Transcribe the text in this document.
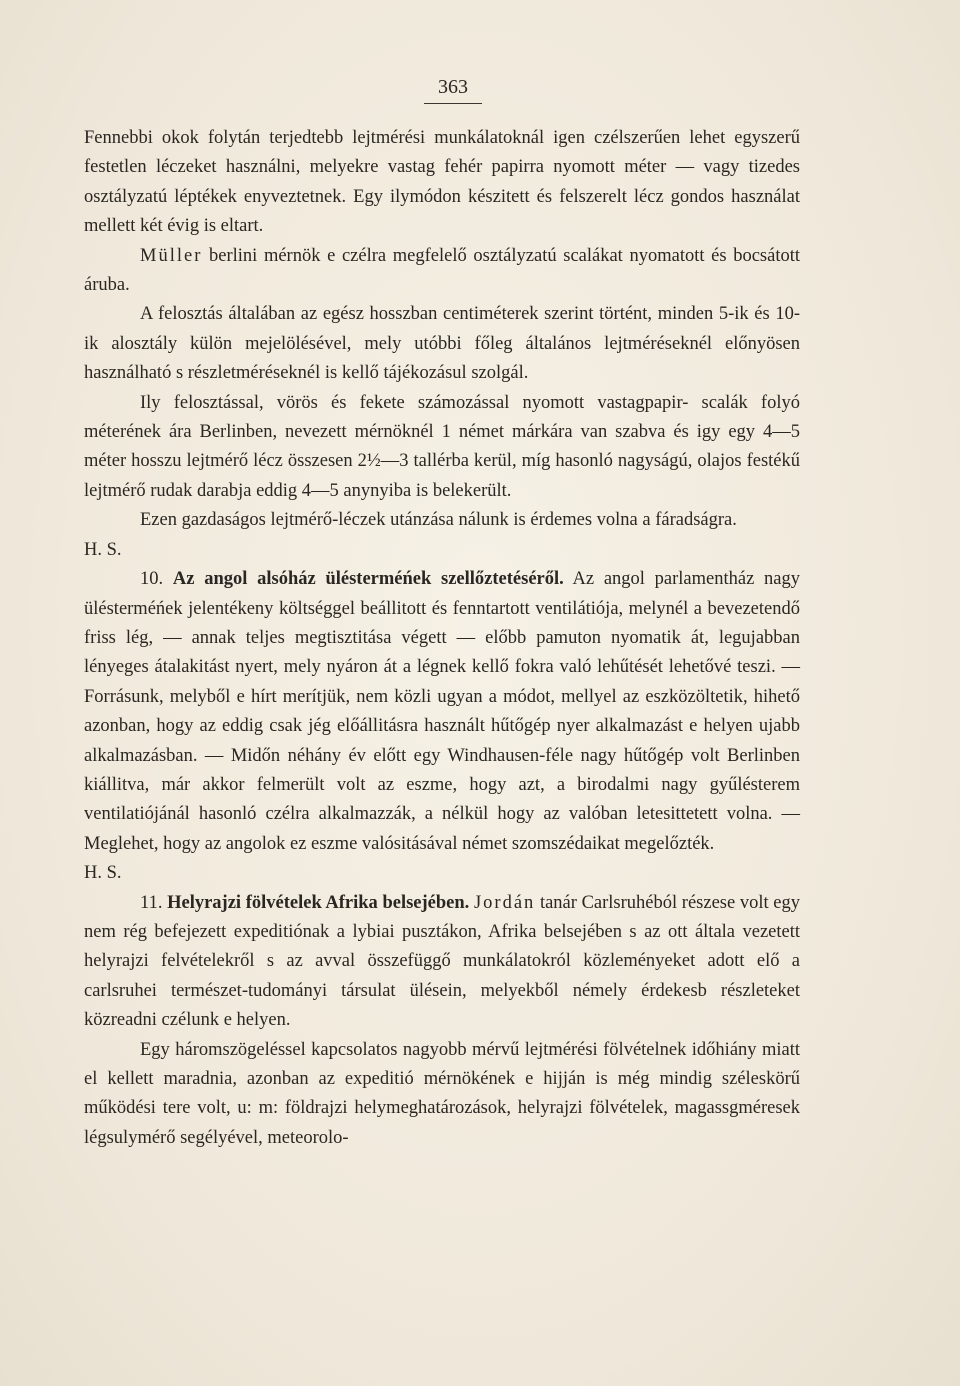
363

Fennebbi okok folytán terjedtebb lejtmérési munkálatoknál igen czélszerűen lehet egyszerű festetlen léczeket használni, melyekre vastag fehér papirra nyomott méter — vagy tizedes osztályzatú léptékek enyveztetnek. Egy ilymódon készitett és felszerelt lécz gondos használat mellett két évig is eltart.

Müller berlini mérnök e czélra megfelelő osztályzatú scalákat nyomatott és bocsátott áruba.

A felosztás általában az egész hosszban centiméterek szerint történt, minden 5-ik és 10-ik alosztály külön mejelölésével, mely utóbbi főleg általános lejtméréseknél előnyösen használható s részletméréseknél is kellő tájékozásul szolgál.

Ily felosztással, vörös és fekete számozással nyomott vastagpapir- scalák folyó méterének ára Berlinben, nevezett mérnöknél 1 német márkára van szabva és igy egy 4—5 méter hosszu lejtmérő lécz összesen 2½—3 tallérba kerül, míg hasonló nagyságú, olajos festékű lejtmérő rudak darabja eddig 4—5 anynyiba is belekerült.

Ezen gazdaságos lejtmérő-léczek utánzása nálunk is érdemes volna a fáradságra.

H. S.

10. Az angol alsóház ülésterméńek szellőztetéséről. Az angol parlamentház nagy ülésterméńek jelentékeny költséggel beállitott és fenntartott ventilátiója, melynél a bevezetendő friss lég, — annak teljes megtisztitása végett — előbb pamuton nyomatik át, legujabban lényeges átalakitást nyert, mely nyáron át a légnek kellő fokra való lehűtését lehetővé teszi. — Forrásunk, melyből e hírt merítjük, nem közli ugyan a módot, mellyel az eszközöltetik, hihető azonban, hogy az eddig csak jég előállitásra használt hűtőgép nyer alkalmazást e helyen ujabb alkalmazásban. — Midőn néhány év előtt egy Windhausen-féle nagy hűtőgép volt Berlinben kiállitva, már akkor felmerült volt az eszme, hogy azt, a birodalmi nagy gyűlésterem ventilatiójánál hasonló czélra alkalmazzák, a nélkül hogy az valóban letesittetett volna. — Meglehet, hogy az angolok ez eszme valósitásával német szomszédaikat megelőzték.

H. S.

11. Helyrajzi fölvételek Afrika belsejében. Jordán tanár Carlsruhéból részese volt egy nem rég befejezett expeditiónak a lybiai pusztákon, Afrika belsejében s az ott általa vezetett helyrajzi felvételekről s az avval összefüggő munkálatokról közleményeket adott elő a carlsruhei természet-tudományi társulat ülésein, melyekből némely érdekesb részleteket közreadni czélunk e helyen.

Egy háromszögeléssel kapcsolatos nagyobb mérvű lejtmérési fölvételnek időhiány miatt el kellett maradnia, azonban az expeditió mérnökének e hijján is még mindig széleskörű működési tere volt, u: m: földrajzi helymeghatározások, helyrajzi fölvételek, magassgméresek légsulymérő segélyével, meteorolo-
